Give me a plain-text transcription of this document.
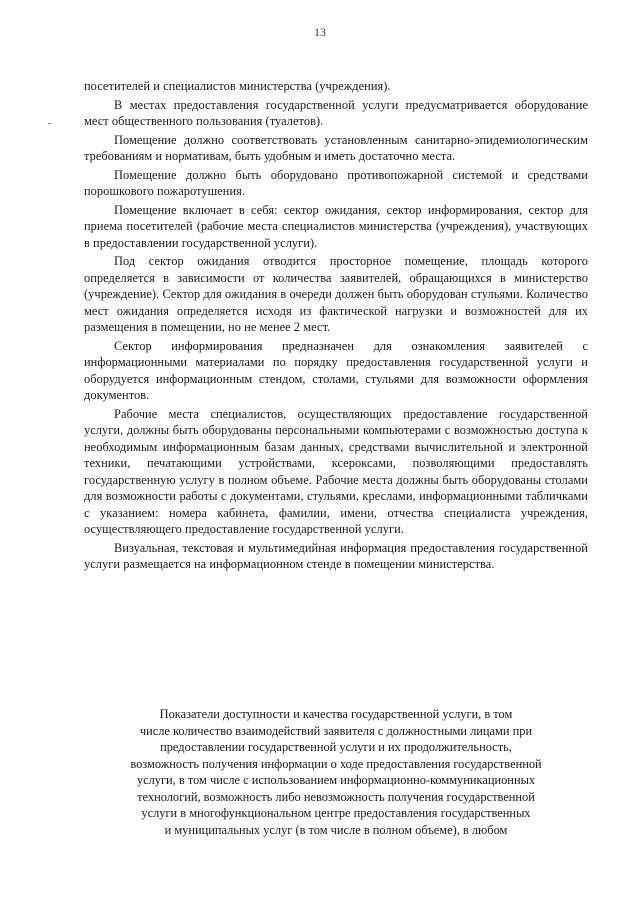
13

посетителей и специалистов министерства (учреждения).

В местах предоставления государственной услуги предусматривается оборудование мест общественного пользования (туалетов).

Помещение должно соответствовать установленным санитарно-эпидемиологическим требованиям и нормативам, быть удобным и иметь достаточно места.

Помещение должно быть оборудовано противопожарной системой и средствами порошкового пожаротушения.

Помещение включает в себя: сектор ожидания, сектор информирования, сектор для приема посетителей (рабочие места специалистов министерства (учреждения), участвующих в предоставлении государственной услуги).

Под сектор ожидания отводится просторное помещение, площадь которого определяется в зависимости от количества заявителей, обращающихся в министерство (учреждение). Сектор для ожидания в очереди должен быть оборудован стульями. Количество мест ожидания определяется исходя из фактической нагрузки и возможностей для их размещения в помещении, но не менее 2 мест.

Сектор информирования предназначен для ознакомления заявителей с информационными материалами по порядку предоставления государственной услуги и оборудуется информационным стендом, столами, стульями для возможности оформления документов.

Рабочие места специалистов, осуществляющих предоставление государственной услуги, должны быть оборудованы персональными компьютерами с возможностью доступа к необходимым информационным базам данных, средствами вычислительной и электронной техники, печатающими устройствами, ксероксами, позволяющими предоставлять государственную услугу в полном объеме. Рабочие места должны быть оборудованы столами для возможности работы с документами, стульями, креслами, информационными табличками с указанием: номера кабинета, фамилии, имени, отчества специалиста учреждения, осуществляющего предоставление государственной услуги.

Визуальная, текстовая и мультимедийная информация предоставления государственной услуги размещается на информационном стенде в помещении министерства.

Показатели доступности и качества государственной услуги, в том
числе количество взаимодействий заявителя с должностными лицами при
предоставлении государственной услуги и их продолжительность,
возможность получения информации о ходе предоставления государственной
услуги, в том числе с использованием информационно-коммуникационных
технологий, возможность либо невозможность получения государственной
услуги в многофункциональном центре предоставления государственных
и муниципальных услуг (в том числе в полном объеме), в любом
